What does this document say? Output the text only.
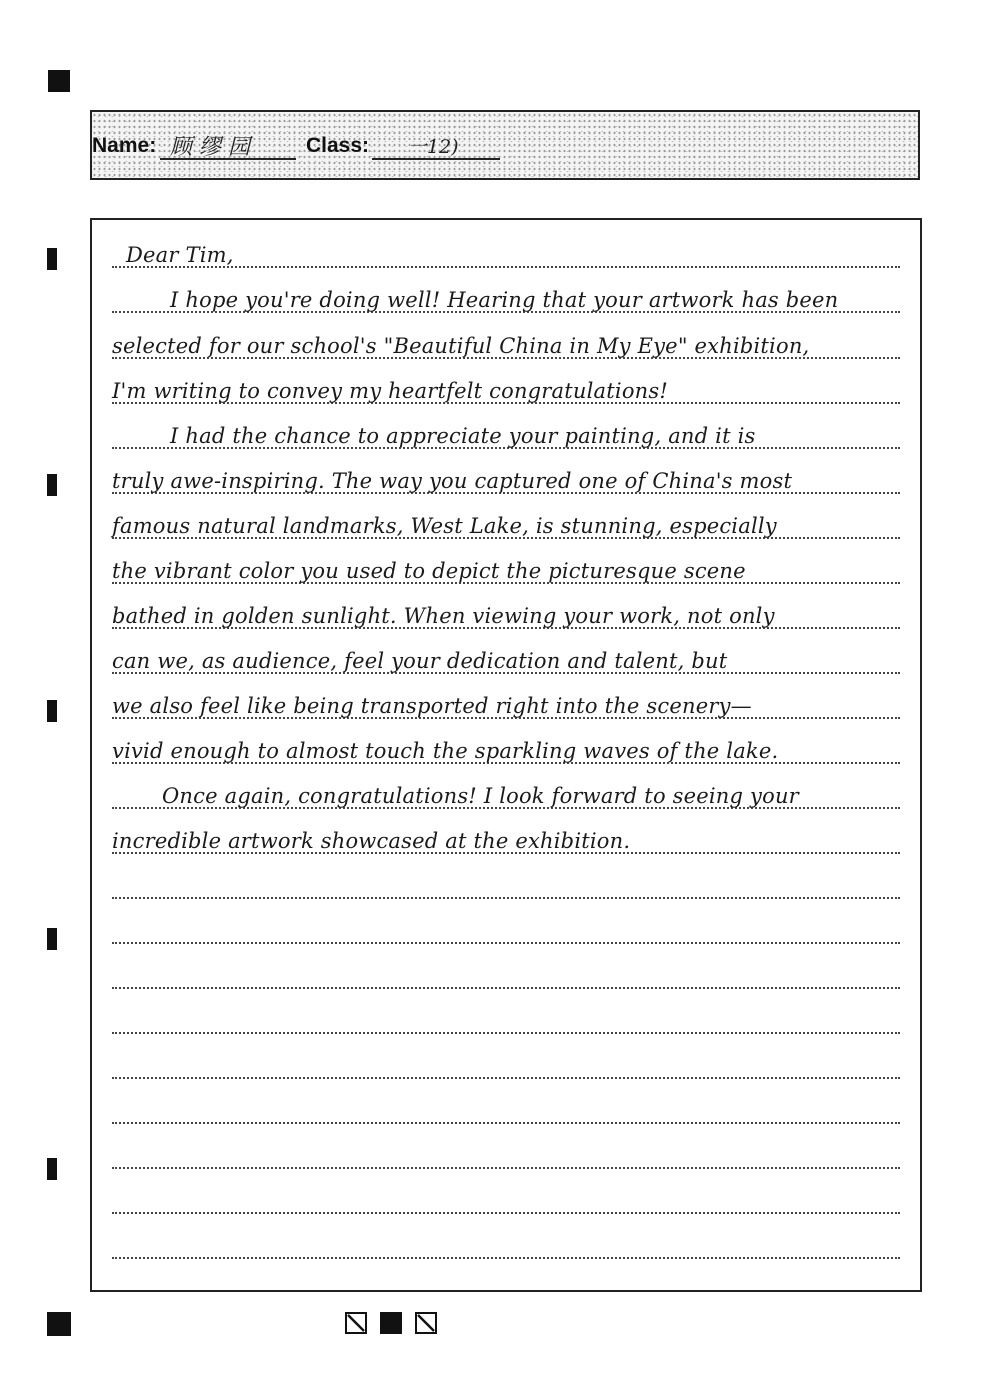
Name: 顾 缪 园	Class: 一12)
Dear Tim,
I hope you're doing well! Hearing that your artwork has been
selected for our school's "Beautiful China in My Eye" exhibition,
I'm writing to convey my heartfelt congratulations!
I had the chance to appreciate your painting, and it is
truly awe-inspiring. The way you captured one of China's most
famous natural landmarks, West Lake, is stunning, especially
the vibrant color you used to depict the picturesque scene
bathed in golden sunlight. When viewing your work, not only
can we, as audience, feel your dedication and talent, but
we also feel like being transported right into the scenery—
vivid enough to almost touch the sparkling waves of the lake.
Once again, congratulations! I look forward to seeing your
incredible artwork showcased at the exhibition.
